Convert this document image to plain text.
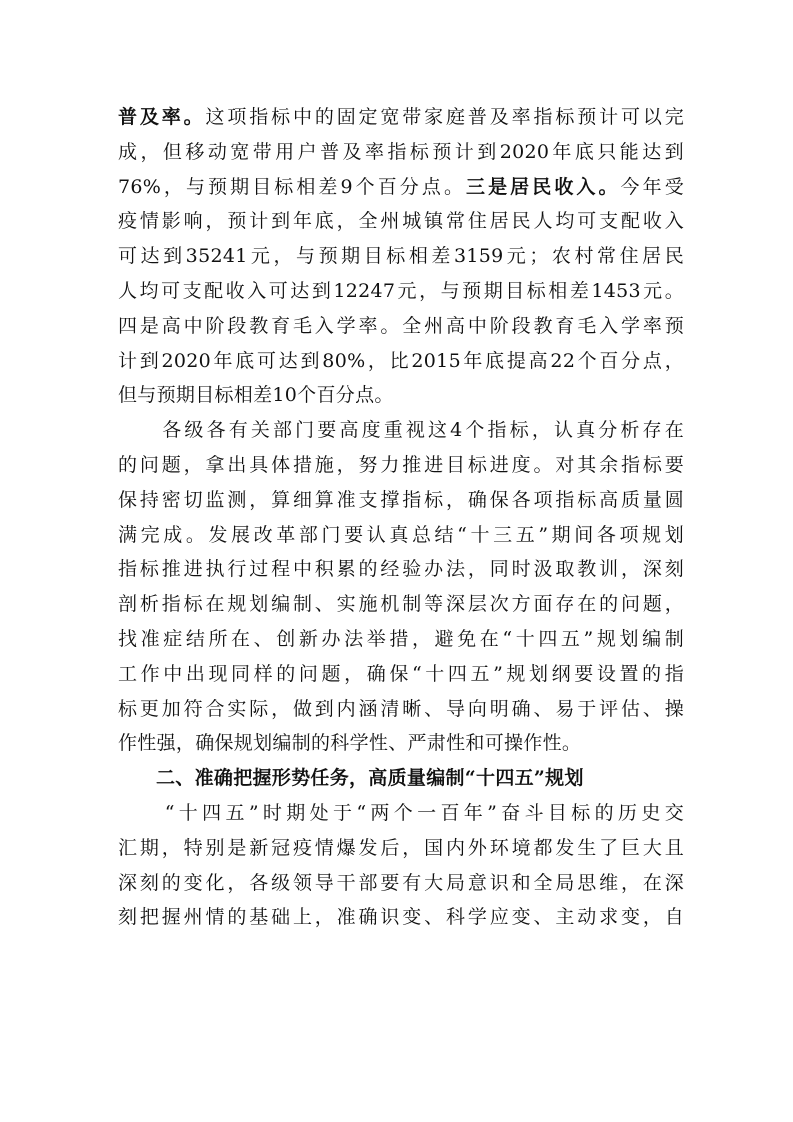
普及率。这项指标中的固定宽带家庭普及率指标预计可以完
成，但移动宽带用户普及率指标预计到2020年底只能达到
76%，与预期目标相差9个百分点。三是居民收入。今年受
疫情影响，预计到年底，全州城镇常住居民人均可支配收入
可达到35241元，与预期目标相差3159元；农村常住居民
人均可支配收入可达到12247元，与预期目标相差1453元。
四是高中阶段教育毛入学率。全州高中阶段教育毛入学率预
计到2020年底可达到80%，比2015年底提高22个百分点，
但与预期目标相差10个百分点。
　　各级各有关部门要高度重视这4个指标，认真分析存在
的问题，拿出具体措施，努力推进目标进度。对其余指标要
保持密切监测，算细算准支撑指标，确保各项指标高质量圆
满完成。发展改革部门要认真总结“十三五”期间各项规划
指标推进执行过程中积累的经验办法，同时汲取教训，深刻
剖析指标在规划编制、实施机制等深层次方面存在的问题，
找准症结所在、创新办法举措，避免在“十四五”规划编制
工作中出现同样的问题，确保“十四五”规划纲要设置的指
标更加符合实际，做到内涵清晰、导向明确、易于评估、操
作性强，确保规划编制的科学性、严肃性和可操作性。
二、准确把握形势任务，高质量编制“十四五”规划
　　“十四五”时期处于“两个一百年”奋斗目标的历史交
汇期，特别是新冠疫情爆发后，国内外环境都发生了巨大且
深刻的变化，各级领导干部要有大局意识和全局思维，在深
刻把握州情的基础上，准确识变、科学应变、主动求变，自
